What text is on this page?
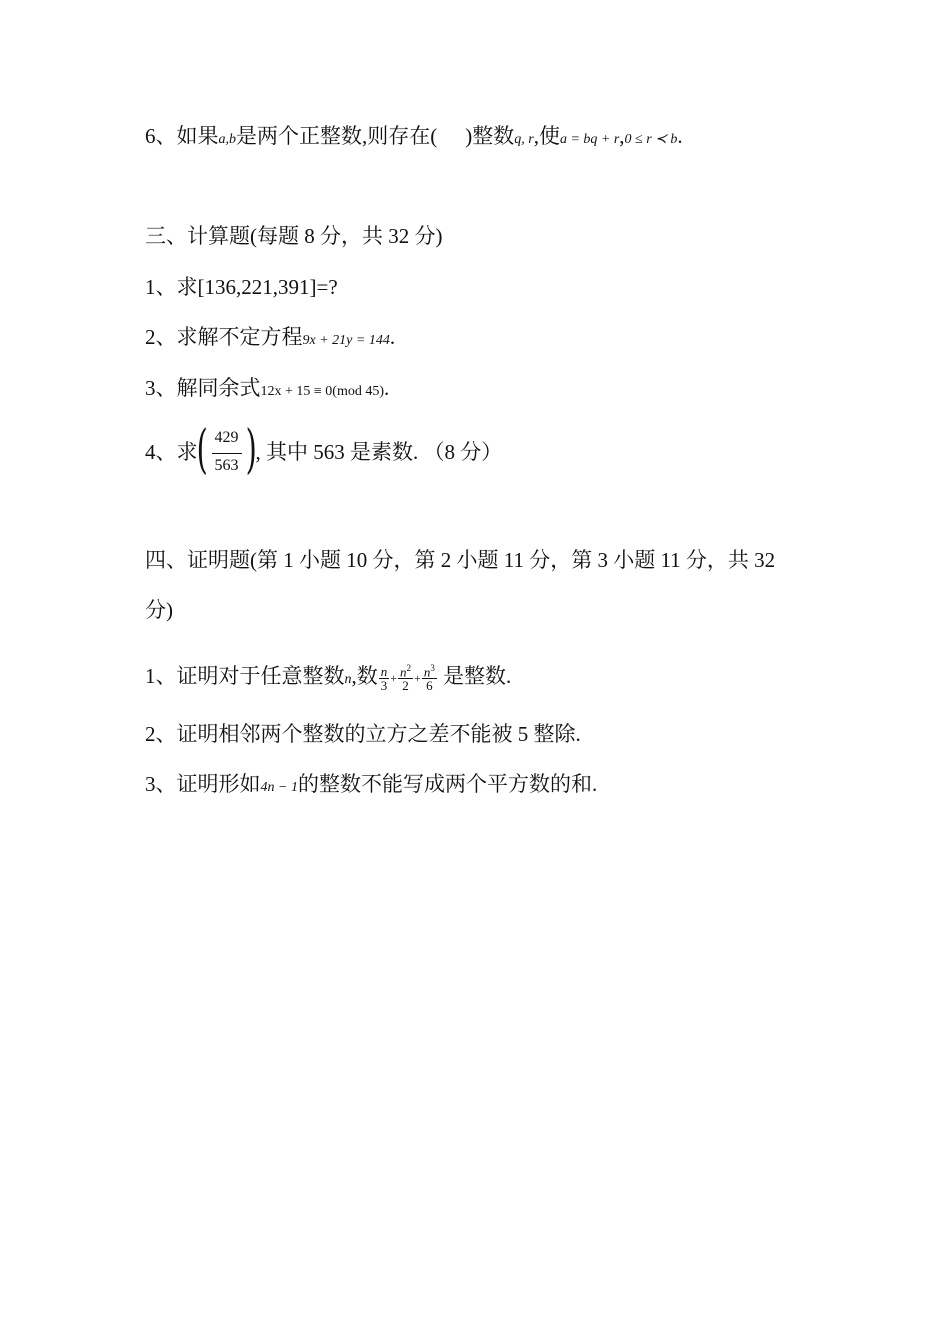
6、如果a,b是两个正整数,则存在( )整数q, r,使a = bq + r,0 ≤ r ≺ b.
三、计算题(每题 8 分，共 32 分)
1、求[136,221,391]=?
2、求解不定方程9x + 21y = 144.
3、解同余式12x + 15 ≡ 0(mod 45).
4、求
( 429
563 )
, 其中 563 是素数. （8 分）
四、证明题(第 1 小题 10 分，第 2 小题 11 分，第 3 小题 11 分，共 32
分)
1、证明对于任意整数n,数 $\frac{n}{3} + \frac{n^2}{2} + \frac{n^3}{6}$ 是整数.
2、证明相邻两个整数的立方之差不能被 5 整除.
3、证明形如4n − 1的整数不能写成两个平方数的和.
